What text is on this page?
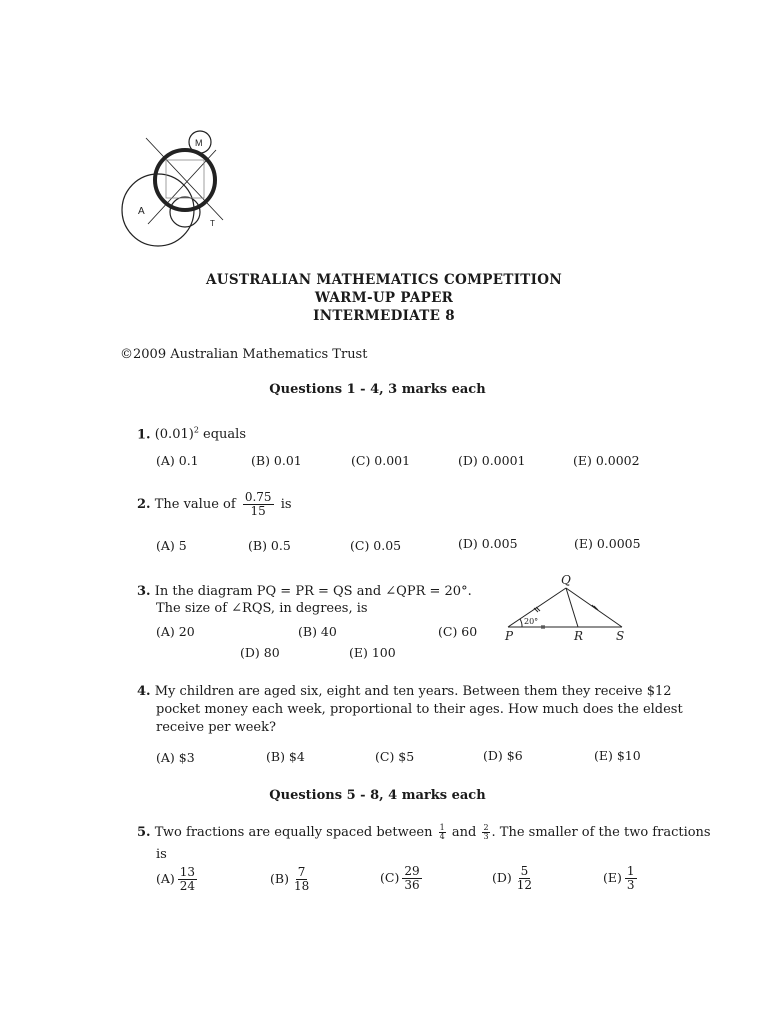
M
A
T
AUSTRALIAN MATHEMATICS COMPETITION
WARM-UP PAPER
INTERMEDIATE 8
©2009 Australian Mathematics Trust
Questions 1 - 4, 3 marks each
1. $(0.01)^2$ equals
(A) 0.1	(B) 0.01	(C) 0.001	(D) 0.0001	(E) 0.0002
2. The value of $\frac{0.75}{15}$ is
(A) 5	(B) 0.5	(C) 0.05	(D) 0.005	(E) 0.0005
3. In the diagram PQ = PR = QS and ∠QPR = 20°.
The size of ∠RQS, in degrees, is
(A) 20	(B) 40	(C) 60
(D) 80	(E) 100
20°
Q
P	R	S
4. My children are aged six, eight and ten years. Between them they receive $12
pocket money each week, proportional to their ages. How much does the eldest
receive per week?
(A) $3	(B) $4	(C) $5	(D) $6	(E) $10
Questions 5 - 8, 4 marks each
5. Two fractions are equally spaced between $\frac{1}{4}$ and $\frac{2}{3}$ . The smaller of the two fractions
is
$(A) \frac{13}{24}$	$(B) \frac{7}{18}$	$(C) \frac{29}{36}$	$(D) \frac{5}{12}$	$(E) \frac{1}{3}$
